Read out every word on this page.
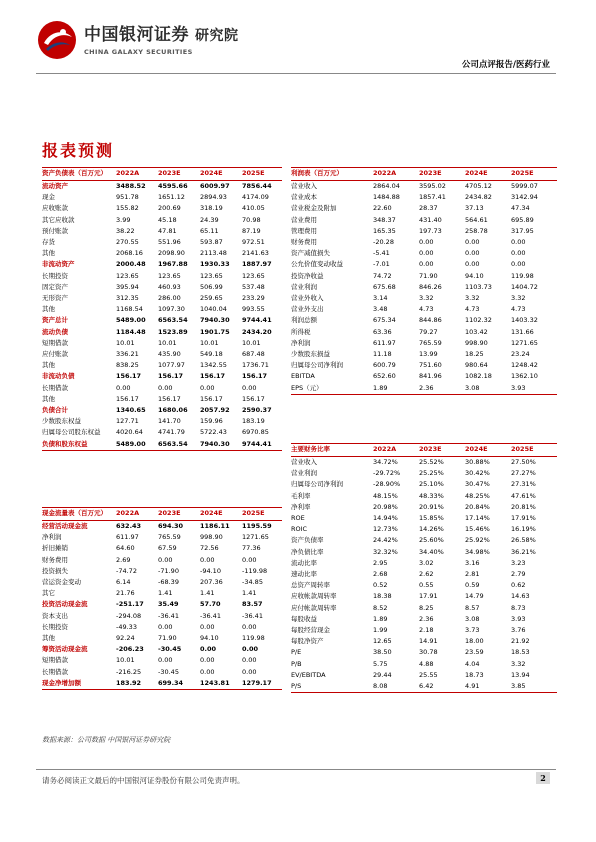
中国银河证券 研究院
CHINA GALAXY SECURITIES
公司点评报告/医药行业
报表预测
资产负债表（百万元）	2022A	2023E	2024E	2025E
流动资产	3488.52	4595.66	6009.97	7856.44
现金	951.78	1651.12	2894.93	4174.09
应收账款	155.82	200.69	318.19	410.05
其它应收款	3.99	45.18	24.39	70.98
预付账款	38.22	47.81	65.11	87.19
存货	270.55	551.96	593.87	972.51
其他	2068.16	2098.90	2113.48	2141.63
非流动资产	2000.48	1967.88	1930.33	1887.97
长期投资	123.65	123.65	123.65	123.65
固定资产	395.94	460.93	506.99	537.48
无形资产	312.35	286.00	259.65	233.29
其他	1168.54	1097.30	1040.04	993.55
资产总计	5489.00	6563.54	7940.30	9744.41
流动负债	1184.48	1523.89	1901.75	2434.20
短期借款	10.01	10.01	10.01	10.01
应付账款	336.21	435.90	549.18	687.48
其他	838.25	1077.97	1342.55	1736.71
非流动负债	156.17	156.17	156.17	156.17
长期借款	0.00	0.00	0.00	0.00
其他	156.17	156.17	156.17	156.17
负债合计	1340.65	1680.06	2057.92	2590.37
少数股东权益	127.71	141.70	159.96	183.19
归属母公司股东权益	4020.64	4741.79	5722.43	6970.85
负债和股东权益	5489.00	6563.54	7940.30	9744.41
利润表（百万元）	2022A	2023E	2024E	2025E
营业收入	2864.04	3595.02	4705.12	5999.07
营业成本	1484.88	1857.41	2434.82	3142.94
营业税金及附加	22.60	28.37	37.13	47.34
营业费用	348.37	431.40	564.61	695.89
管理费用	165.35	197.73	258.78	317.95
财务费用	-20.28	0.00	0.00	0.00
资产减值损失	-5.41	0.00	0.00	0.00
公允价值变动收益	-7.01	0.00	0.00	0.00
投资净收益	74.72	71.90	94.10	119.98
营业利润	675.68	846.26	1103.73	1404.72
营业外收入	3.14	3.32	3.32	3.32
营业外支出	3.48	4.73	4.73	4.73
利润总额	675.34	844.86	1102.32	1403.32
所得税	63.36	79.27	103.42	131.66
净利润	611.97	765.59	998.90	1271.65
少数股东损益	11.18	13.99	18.25	23.24
归属母公司净利润	600.79	751.60	980.64	1248.42
EBITDA	652.60	841.96	1082.18	1362.10
EPS（元）	1.89	2.36	3.08	3.93
现金流量表（百万元）	2022A	2023E	2024E	2025E
经营活动现金流	632.43	694.30	1186.11	1195.59
净利润	611.97	765.59	998.90	1271.65
折旧摊销	64.60	67.59	72.56	77.36
财务费用	2.69	0.00	0.00	0.00
投资损失	-74.72	-71.90	-94.10	-119.98
营运资金变动	6.14	-68.39	207.36	-34.85
其它	21.76	1.41	1.41	1.41
投资活动现金流	-251.17	35.49	57.70	83.57
资本支出	-294.08	-36.41	-36.41	-36.41
长期投资	-49.33	0.00	0.00	0.00
其他	92.24	71.90	94.10	119.98
筹资活动现金流	-206.23	-30.45	0.00	0.00
短期借款	10.01	0.00	0.00	0.00
长期借款	-216.25	-30.45	0.00	0.00
现金净增加额	183.92	699.34	1243.81	1279.17
主要财务比率	2022A	2023E	2024E	2025E
营业收入	34.72%	25.52%	30.88%	27.50%
营业利润	-29.72%	25.25%	30.42%	27.27%
归属母公司净利润	-28.90%	25.10%	30.47%	27.31%
毛利率	48.15%	48.33%	48.25%	47.61%
净利率	20.98%	20.91%	20.84%	20.81%
ROE	14.94%	15.85%	17.14%	17.91%
ROIC	12.73%	14.26%	15.46%	16.19%
资产负债率	24.42%	25.60%	25.92%	26.58%
净负债比率	32.32%	34.40%	34.98%	36.21%
流动比率	2.95	3.02	3.16	3.23
速动比率	2.68	2.62	2.81	2.79
总资产周转率	0.52	0.55	0.59	0.62
应收帐款周转率	18.38	17.91	14.79	14.63
应付帐款周转率	8.52	8.25	8.57	8.73
每股收益	1.89	2.36	3.08	3.93
每股经营现金	1.99	2.18	3.73	3.76
每股净资产	12.65	14.91	18.00	21.92
P/E	38.50	30.78	23.59	18.53
P/B	5.75	4.88	4.04	3.32
EV/EBITDA	29.44	25.55	18.73	13.94
P/S	8.08	6.42	4.91	3.85
数据来源：公司数据 中国银河证券研究院
请务必阅读正文最后的中国银河证券股份有限公司免责声明。	2
